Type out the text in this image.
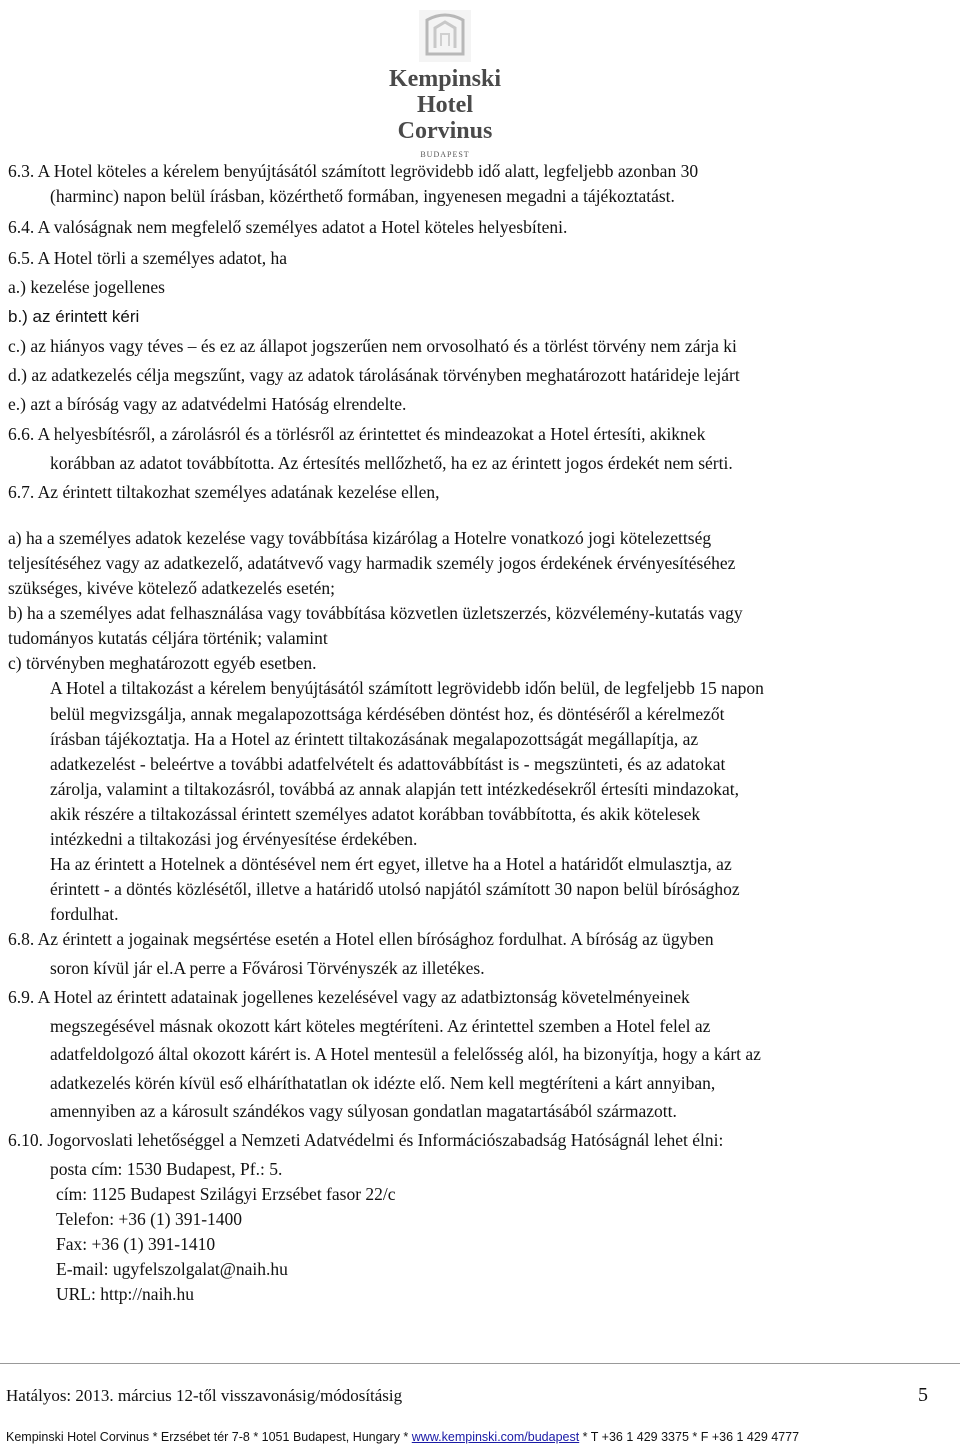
Kempinski Hotel
Corvinus
BUDAPEST
6.3. A Hotel köteles a kérelem benyújtásától számított legrövidebb idő alatt, legfeljebb azonban 30
(harminc) napon belül írásban, közérthető formában, ingyenesen megadni a tájékoztatást.
6.4. A valóságnak nem megfelelő személyes adatot a Hotel köteles helyesbíteni.
6.5. A Hotel törli a személyes adatot, ha
a.) kezelése jogellenes
b.) az érintett kéri
c.) az hiányos vagy téves – és ez az állapot jogszerűen nem orvosolható és a törlést törvény nem zárja ki
d.) az adatkezelés célja megszűnt, vagy az adatok tárolásának törvényben meghatározott határideje lejárt
e.) azt a bíróság vagy az adatvédelmi Hatóság elrendelte.
6.6. A helyesbítésről, a zárolásról és a törlésről az érintettet és mindeazokat a Hotel értesíti, akiknek
korábban az adatot továbbította. Az értesítés mellőzhető, ha ez az érintett jogos érdekét nem sérti.
6.7. Az érintett tiltakozhat személyes adatának kezelése ellen,
a) ha a személyes adatok kezelése vagy továbbítása kizárólag a Hotelre vonatkozó jogi kötelezettség
teljesítéséhez vagy az adatkezelő, adatátvevő vagy harmadik személy jogos érdekének érvényesítéséhez
szükséges, kivéve kötelező adatkezelés esetén;
b) ha a személyes adat felhasználása vagy továbbítása közvetlen üzletszerzés, közvélemény-kutatás vagy
tudományos kutatás céljára történik; valamint
c) törvényben meghatározott egyéb esetben.
A Hotel a tiltakozást a kérelem benyújtásától számított legrövidebb időn belül, de legfeljebb 15 napon
belül megvizsgálja, annak megalapozottsága kérdésében döntést hoz, és döntéséről a kérelmezőt
írásban tájékoztatja. Ha a Hotel az érintett tiltakozásának megalapozottságát megállapítja, az
adatkezelést - beleértve a további adatfelvételt és adattovábbítást is - megszünteti, és az adatokat
zárolja, valamint a tiltakozásról, továbbá az annak alapján tett intézkedésekről értesíti mindazokat,
akik részére a tiltakozással érintett személyes adatot korábban továbbította, és akik kötelesek
intézkedni a tiltakozási jog érvényesítése érdekében.
Ha az érintett a Hotelnek a döntésével nem ért egyet, illetve ha a Hotel a határidőt elmulasztja, az
érintett - a döntés közlésétől, illetve a határidő utolsó napjától számított 30 napon belül bírósághoz
fordulhat.
6.8. Az érintett a jogainak megsértése esetén a Hotel ellen bírósághoz fordulhat. A bíróság az ügyben
soron kívül jár el.A perre a Fővárosi Törvényszék az illetékes.
6.9. A Hotel az érintett adatainak jogellenes kezelésével vagy az adatbiztonság követelményeinek
megszegésével másnak okozott kárt köteles megtéríteni. Az érintettel szemben a Hotel felel az
adatfeldolgozó által okozott kárért is. A Hotel mentesül a felelősség alól, ha bizonyítja, hogy a kárt az
adatkezelés körén kívül eső elháríthatatlan ok idézte elő. Nem kell megtéríteni a kárt annyiban,
amennyiben az a károsult szándékos vagy súlyosan gondatlan magatartásából származott.
6.10. Jogorvoslati lehetőséggel a Nemzeti Adatvédelmi és Információszabadság Hatóságnál lehet élni:
posta cím: 1530 Budapest, Pf.: 5.
cím: 1125 Budapest Szilágyi Erzsébet fasor 22/c
Telefon: +36 (1) 391-1400
Fax: +36 (1) 391-1410
E-mail: ugyfelszolgalat@naih.hu
URL: http://naih.hu
Hatályos: 2013. március 12-től visszavonásig/módosításig	5
Kempinski Hotel Corvinus * Erzsébet tér 7-8 * 1051 Budapest, Hungary * www.kempinski.com/budapest * T +36 1 429 3375 * F +36 1 429 4777
